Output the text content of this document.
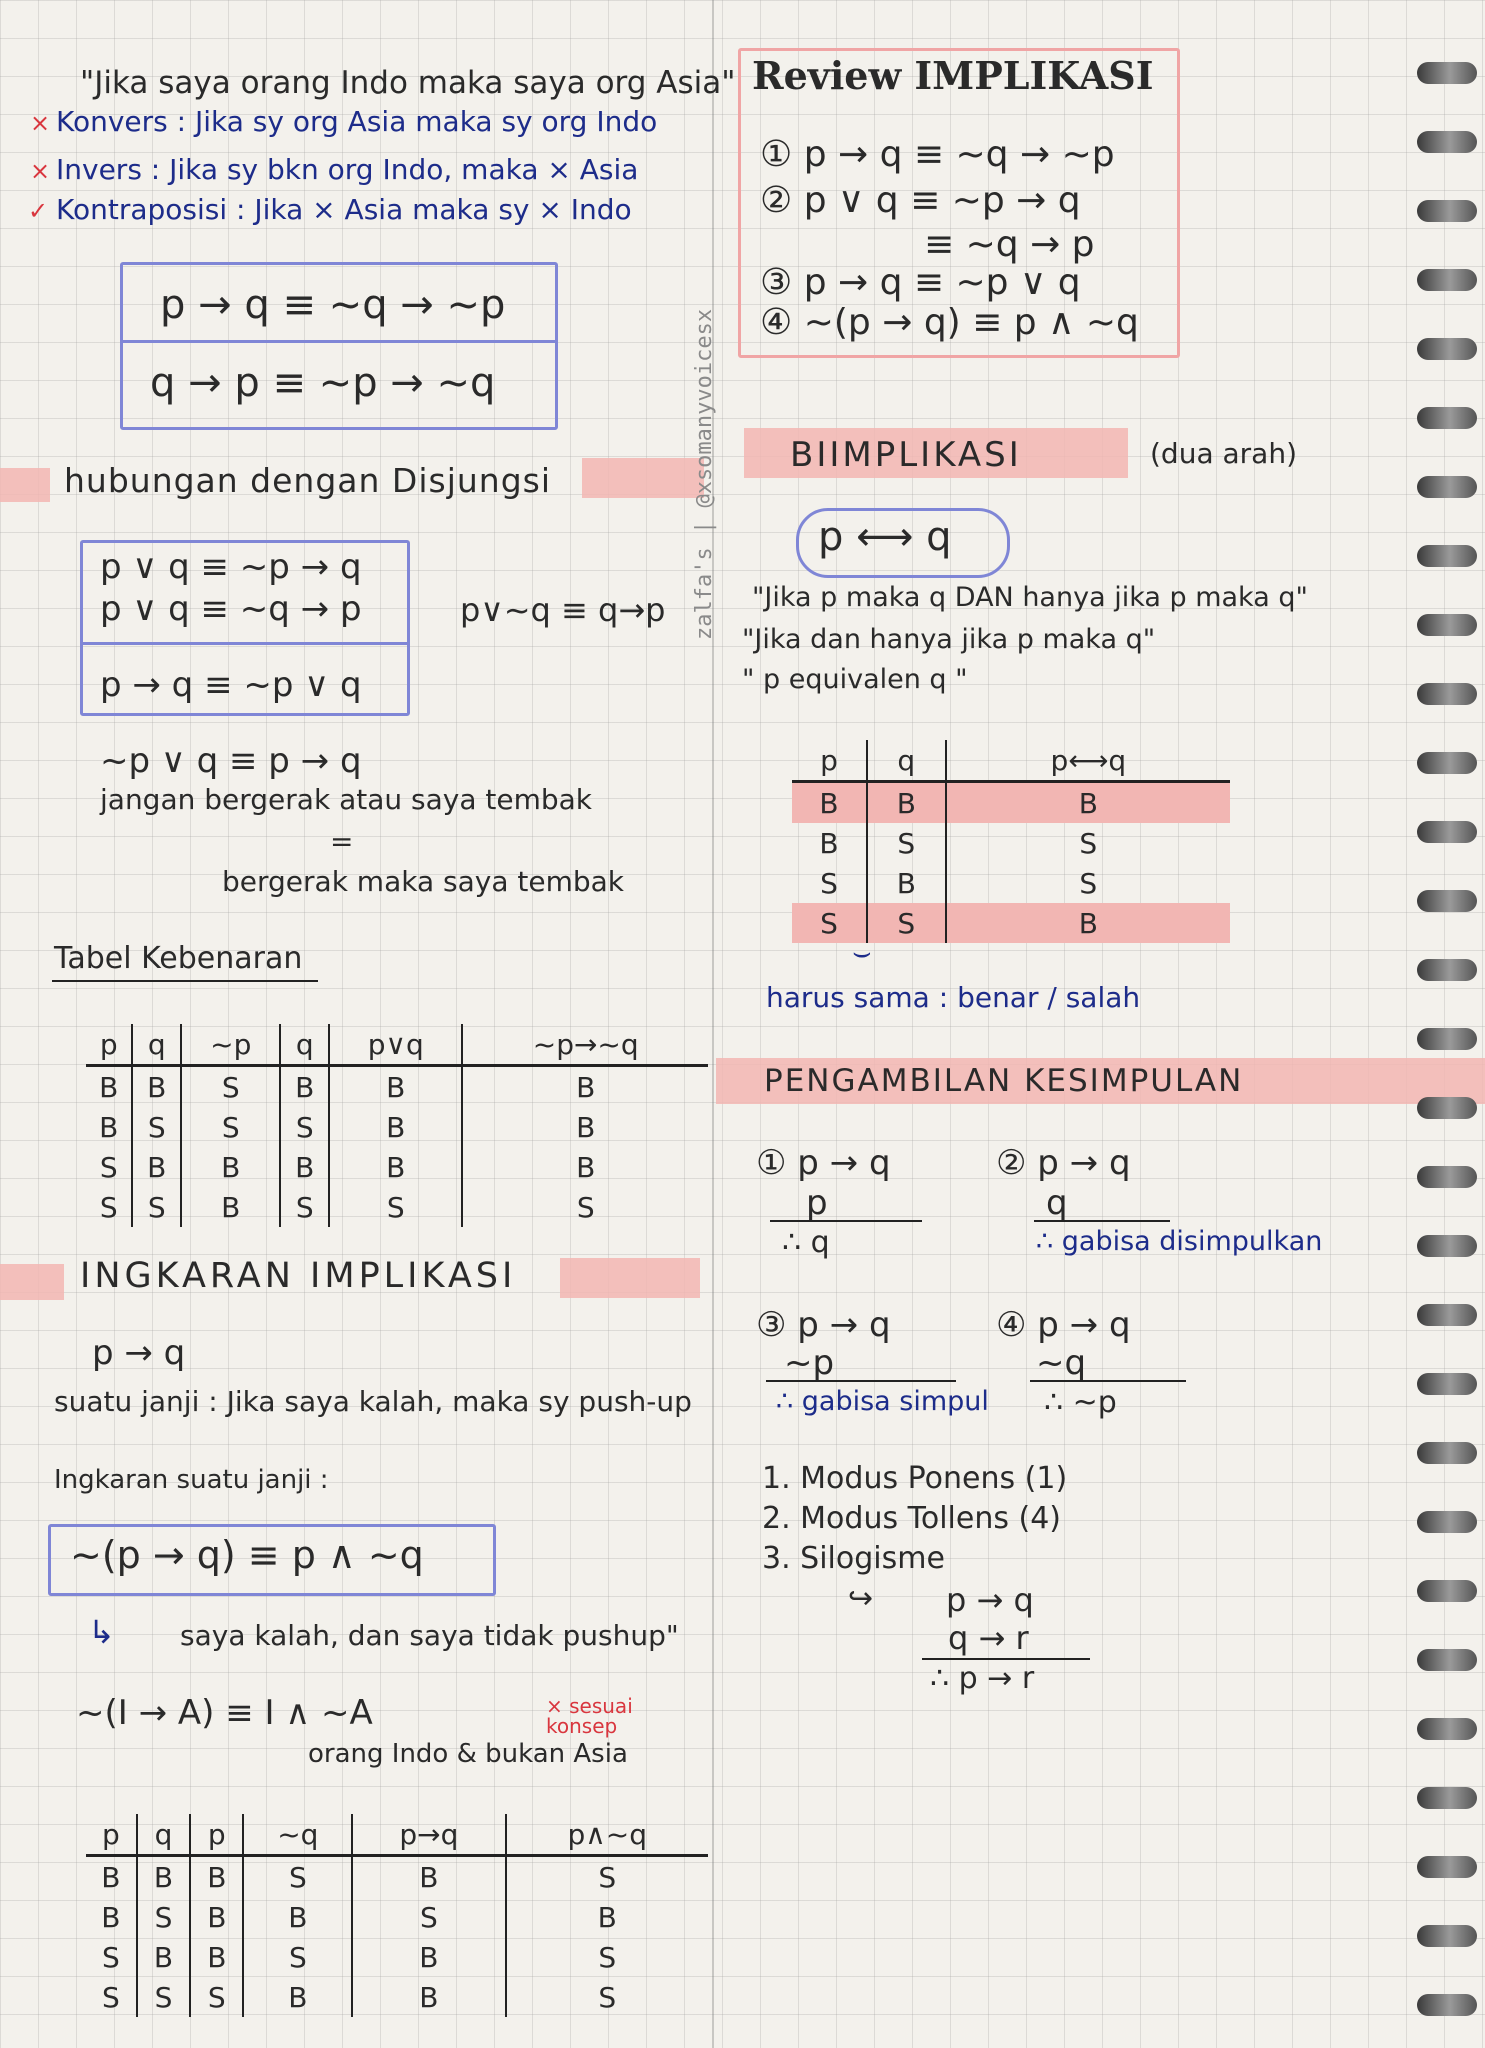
"Jika saya orang Indo maka saya org Asia"
× Konvers : Jika sy org Asia maka sy org Indo
× Invers : Jika sy bkn org Indo, maka × Asia
✓ Kontraposisi : Jika × Asia maka sy × Indo
p → q ≡ ~q → ~p
q → p ≡ ~p → ~q
hubungan dengan Disjungsi
p ∨ q ≡ ~p → q
p ∨ q ≡ ~q → p	p∨~q ≡ q→p
p → q ≡ ~p ∨ q
~p ∨ q ≡ p → q
jangan bergerak atau saya tembak
=
bergerak maka saya tembak
Tabel Kebenaran
p	q	~p	q	p∨q	~p→~q
B	B	S	B	B	B
B	S	S	S	B	B
S	B	B	B	B	B
S	S	B	S	S	S
INGKARAN IMPLIKASI
p → q
suatu janji : Jika saya kalah, maka sy push-up
Ingkaran suatu janji :
~(p → q) ≡ p ∧ ~q
↳ saya kalah, dan saya tidak pushup"
~(I → A) ≡ I ∧ ~A	× sesuai konsep
orang Indo & bukan Asia
p	q	p	~q	p→q	p∧~q
B	B	B	S	B	S
B	S	B	B	S	B
S	B	B	S	B	S
S	S	S	B	B	S
zalfa's | @xsomanyvoicesx
Review IMPLIKASI
① p → q ≡ ~q → ~p
② p ∨ q ≡ ~p → q
≡ ~q → p
③ p → q ≡ ~p ∨ q
④ ~(p → q) ≡ p ∧ ~q
BIIMPLIKASI	(dua arah)
p ⟷ q
"Jika p maka q DAN hanya jika p maka q"
"Jika dan hanya jika p maka q"
" p equivalen q "
p	q	p⟷q
B	B	B
B	S	S
S	B	S
S	S	B
⌣
harus sama : benar / salah
PENGAMBILAN KESIMPULAN
① p → q
p
∴ q
② p → q
q
∴ gabisa disimpulkan
③ p → q
~p
∴ gabisa simpul
④ p → q
~q
∴ ~p
1. Modus Ponens (1)
2. Modus Tollens (4)
3. Silogisme
↪ p → q
q → r
∴ p → r
